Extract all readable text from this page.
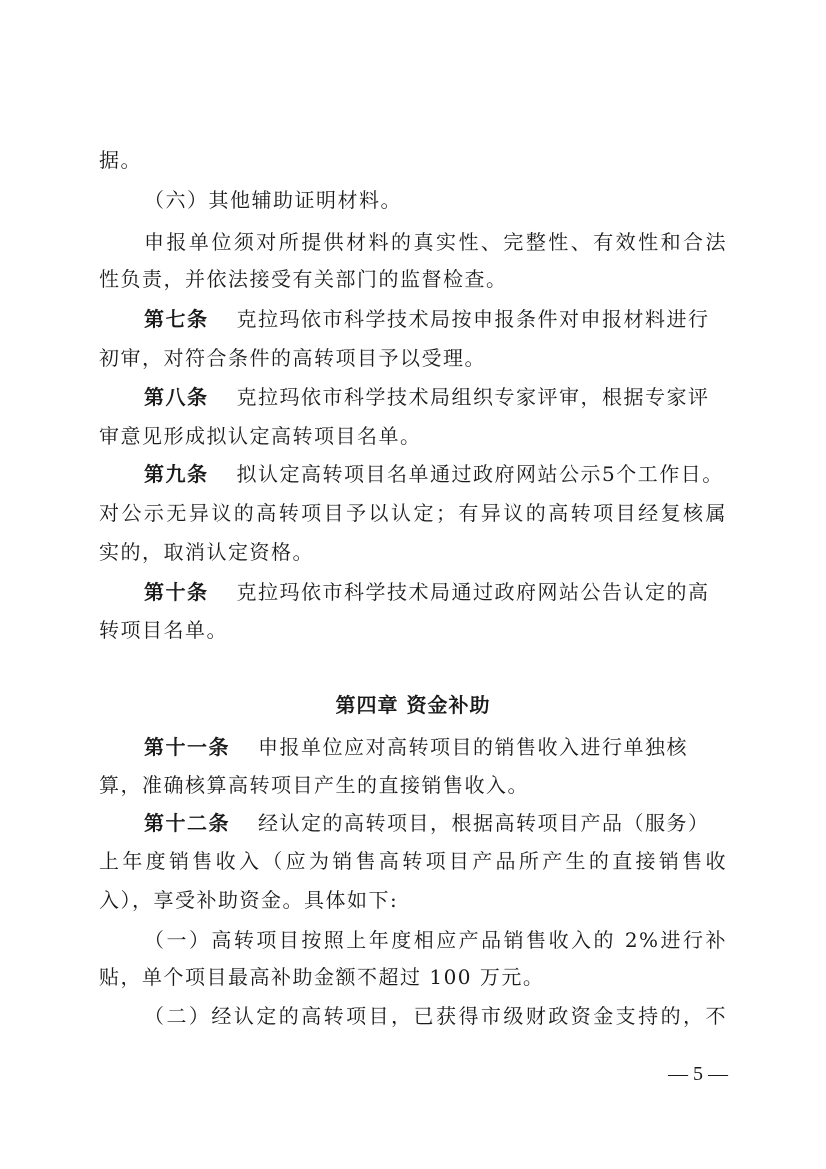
据。
（六）其他辅助证明材料。
申报单位须对所提供材料的真实性、完整性、有效性和合法
性负责，并依法接受有关部门的监督检查。
第七条 克拉玛依市科学技术局按申报条件对申报材料进行
初审，对符合条件的高转项目予以受理。
第八条 克拉玛依市科学技术局组织专家评审，根据专家评
审意见形成拟认定高转项目名单。
第九条 拟认定高转项目名单通过政府网站公示5个工作日。
对公示无异议的高转项目予以认定；有异议的高转项目经复核属
实的，取消认定资格。
第十条 克拉玛依市科学技术局通过政府网站公告认定的高
转项目名单。
第四章 资金补助
第十一条 申报单位应对高转项目的销售收入进行单独核
算，准确核算高转项目产生的直接销售收入。
第十二条 经认定的高转项目，根据高转项目产品（服务）
上年度销售收入（应为销售高转项目产品所产生的直接销售收
入），享受补助资金。具体如下:
（一）高转项目按照上年度相应产品销售收入的 2%进行补
贴，单个项目最高补助金额不超过 100 万元。
（二）经认定的高转项目，已获得市级财政资金支持的，不
— 5 —
